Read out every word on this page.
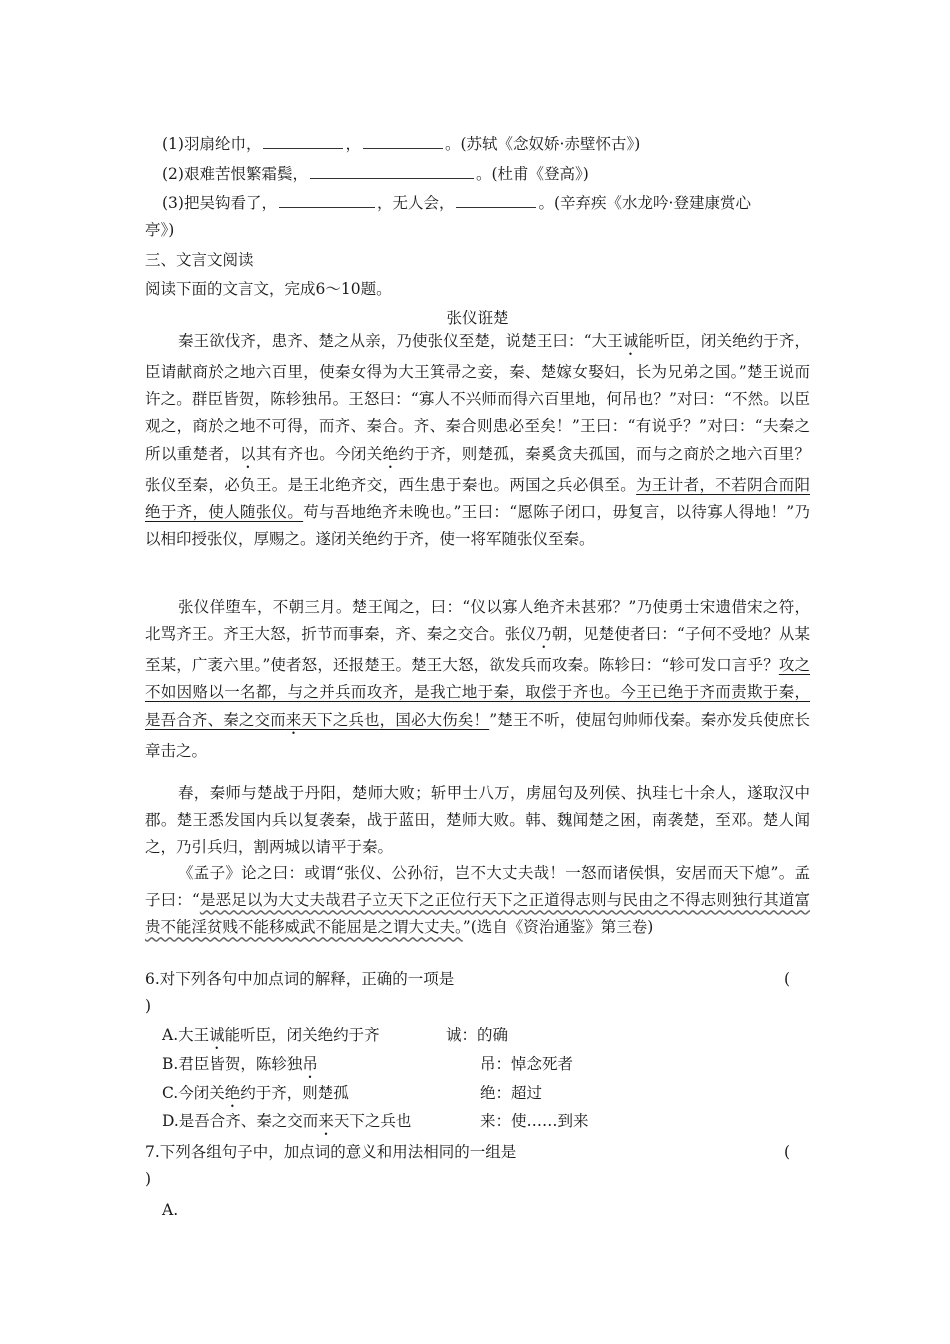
(1)羽扇纶巾，	，	。(苏轼《念奴娇·赤壁怀古》)
(2)艰难苦恨繁霜鬓，	。(杜甫《登高》)
(3)把吴钩看了，	，无人会，	。(辛弃疾《水龙吟·登建康赏心
亭》)
三、文言文阅读
阅读下面的文言文，完成6～10题。
张仪诳楚

秦王欲伐齐，患齐、楚之从亲，乃使张仪至楚，说楚王曰：“大王诚能听臣，闭关绝约于齐，臣请献商於之地六百里，使秦女得为大王箕帚之妾，秦、楚嫁女娶妇，长为兄弟之国。”楚王说而许之。群臣皆贺，陈轸独吊。王怒曰：“寡人不兴师而得六百里地，何吊也？”对曰：“不然。以臣观之，商於之地不可得，而齐、秦合。齐、秦合则患必至矣！”王曰：“有说乎？”对曰：“夫秦之所以重楚者，以其有齐也。今闭关绝约于齐，则楚孤，秦奚贪夫孤国，而与之商於之地六百里？张仪至秦，必负王。是王北绝齐交，西生患于秦也。两国之兵必俱至。为王计者，不若阴合而阳绝于齐，使人随张仪。苟与吾地绝齐未晚也。”王曰：“愿陈子闭口，毋复言，以待寡人得地！”乃以相印授张仪，厚赐之。遂闭关绝约于齐，使一将军随张仪至秦。

张仪佯堕车，不朝三月。楚王闻之，曰：“仪以寡人绝齐未甚邪？”乃使勇士宋遗借宋之符，北骂齐王。齐王大怒，折节而事秦，齐、秦之交合。张仪乃朝，见楚使者曰：“子何不受地？从某至某，广袤六里。”使者怒，还报楚王。楚王大怒，欲发兵而攻秦。陈轸曰：“轸可发口言乎？攻之不如因赂以一名都，与之并兵而攻齐，是我亡地于秦，取偿于齐也。今王已绝于齐而责欺于秦，是吾合齐、秦之交而来天下之兵也，国必大伤矣！”楚王不听，使屈匄帅师伐秦。秦亦发兵使庶长章击之。

春，秦师与楚战于丹阳，楚师大败；斩甲士八万，虏屈匄及列侯、执珪七十余人，遂取汉中郡。楚王悉发国内兵以复袭秦，战于蓝田，楚师大败。韩、魏闻楚之困，南袭楚，至邓。楚人闻之，乃引兵归，割两城以请平于秦。

《孟子》论之曰：或谓“张仪、公孙衍，岂不大丈夫哉！一怒而诸侯惧，安居而天下熄”。孟子曰：“是恶足以为大丈夫哉君子立天下之正位行天下之正道得志则与民由之不得志则独行其道富贵不能淫贫贱不能移威武不能屈是之谓大丈夫。”(选自《资治通鉴》第三卷)

6.对下列各句中加点词的解释，正确的一项是	(
)
A.大王诚能听臣，闭关绝约于齐	诚：的确
B.君臣皆贺，陈轸独吊	吊：悼念死者
C.今闭关绝约于齐，则楚孤	绝：超过
D.是吾合齐、秦之交而来天下之兵也	来：使……到来
7.下列各组句子中，加点词的意义和用法相同的一组是	(
)
A.
